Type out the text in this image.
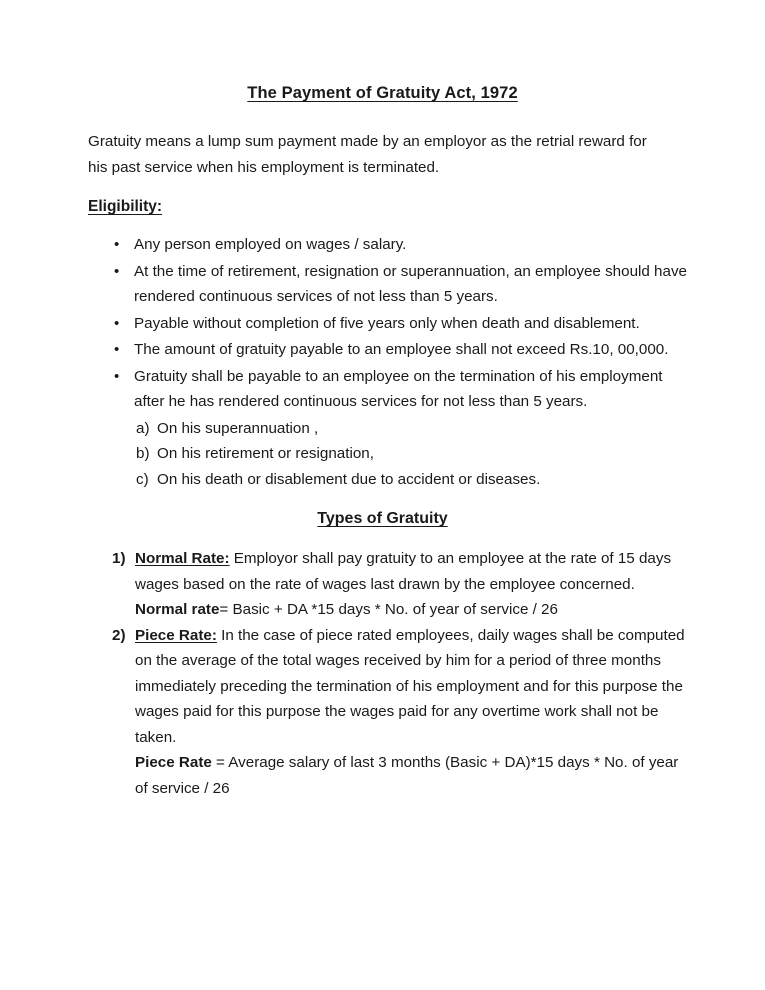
The Payment of Gratuity Act, 1972

Gratuity means a lump sum payment made by an employor as the retrial reward for his past service when his employment is terminated.

Eligibility:
• Any person employed on wages / salary.
• At the time of retirement, resignation or superannuation, an employee should have rendered continuous services of not less than 5 years.
• Payable without completion of five years only when death and disablement.
• The amount of gratuity payable to an employee shall not exceed Rs.10, 00,000.
• Gratuity shall be payable to an employee on the termination of his employment after he has rendered continuous services for not less than 5 years.
a) On his superannuation ,
b) On his retirement or resignation,
c) On his death or disablement due to accident or diseases.
Types of Gratuity
1) Normal Rate: Employor shall pay gratuity to an employee at the rate of 15 days wages based on the rate of wages last drawn by the employee concerned.
Normal rate= Basic + DA *15 days * No. of year of service / 26
2) Piece Rate: In the case of piece rated employees, daily wages shall be computed on the average of the total wages received by him for a period of three months immediately preceding the termination of his employment and for this purpose the wages paid for this purpose the wages paid for any overtime work shall not be taken.
Piece Rate = Average salary of last 3 months (Basic + DA)*15 days * No. of year of service / 26
